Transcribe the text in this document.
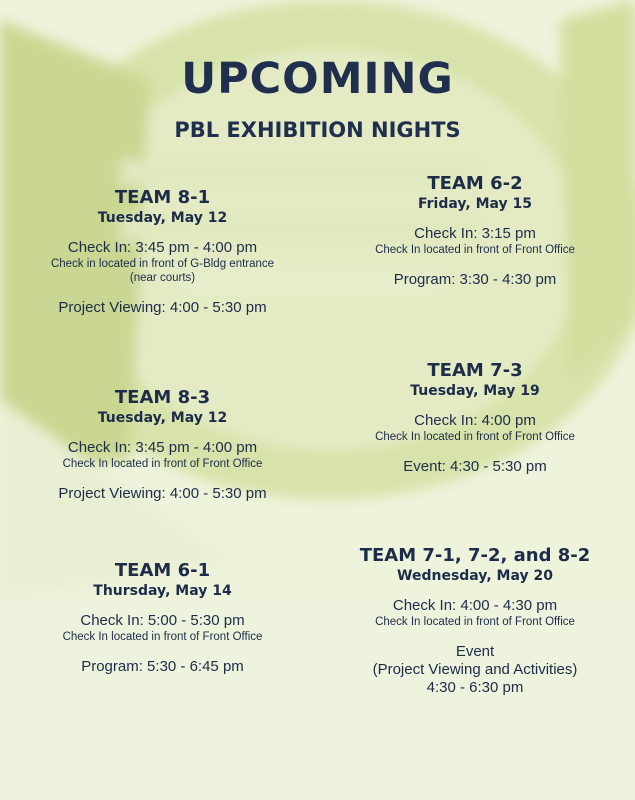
UPCOMING
PBL EXHIBITION NIGHTS
TEAM 8-1
Tuesday, May 12
Check In: 3:45 pm - 4:00 pm
Check in located in front of G-Bldg entrance
(near courts)
Project Viewing: 4:00 - 5:30 pm
TEAM 6-2
Friday, May 15
Check In: 3:15 pm
Check In located in front of Front Office
Program: 3:30 - 4:30 pm
TEAM 8-3
Tuesday, May 12
Check In: 3:45 pm - 4:00 pm
Check In located in front of Front Office
Project Viewing: 4:00 - 5:30 pm
TEAM 7-3
Tuesday, May 19
Check In: 4:00 pm
Check In located in front of Front Office
Event: 4:30 - 5:30 pm
TEAM 6-1
Thursday, May 14
Check In: 5:00 - 5:30 pm
Check In located in front of Front Office
Program: 5:30 - 6:45 pm
TEAM 7-1, 7-2, and 8-2
Wednesday, May 20
Check In: 4:00 - 4:30 pm
Check In located in front of Front Office
Event
(Project Viewing and Activities)
4:30 - 6:30 pm
